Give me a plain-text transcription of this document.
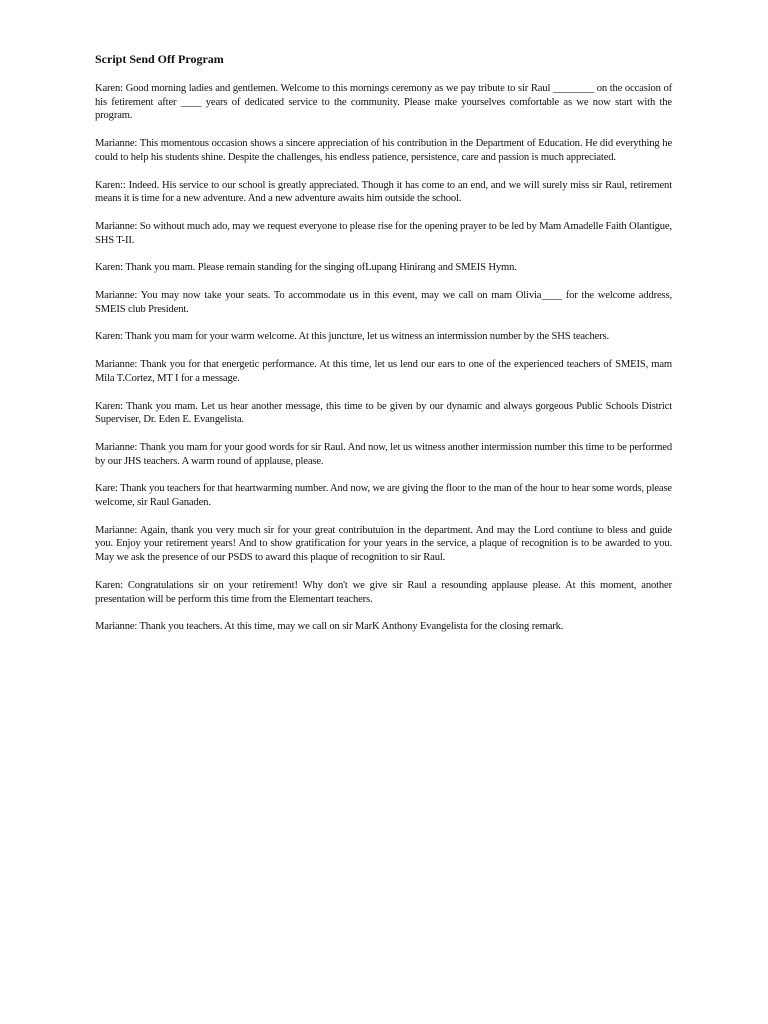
Script Send Off Program

Karen: Good morning ladies and gentlemen. Welcome to this mornings ceremony as we pay tribute to sir Raul ________ on the occasion of his fetirement after ____ years of dedicated service to the community. Please make yourselves comfortable as we now start with the program.

Marianne: This momentous occasion shows a sincere appreciation of his contribution in the Department of Education. He did everything he could to help his students shine. Despite the challenges, his endless patience, persistence, care and passion is much appreciated.

Karen:: Indeed. His service to our school is greatly appreciated. Though it has come to an end, and we will surely miss sir Raul, retirement means it is time for a new adventure. And a new adventure awaits him outside the school.

Marianne: So without much ado, may we request everyone to please rise for the opening prayer to be led by Mam Amadelle Faith Olantigue, SHS T-II.

Karen: Thank you mam. Please remain standing for the singing ofLupang Hinirang and SMEIS Hymn.

Marianne: You may now take your seats. To accommodate us in this event, may we call on mam Olivia____ for the welcome address, SMEIS club President.

Karen: Thank you mam for your warm welcome. At this juncture, let us witness an intermission number by the SHS teachers.

Marianne: Thank you for that energetic performance. At this time, let us lend our ears to one of the experienced teachers of SMEIS, mam Mila T.Cortez, MT I for a message.

Karen: Thank you mam. Let us hear another message, this time to be given by our dynamic and always gorgeous Public Schools District Superviser, Dr. Eden E. Evangelista.

Marianne: Thank you mam for your good words for sir Raul. And now, let us witness another intermission number this time to be performed by our JHS teachers. A warm round of applause, please.

Kare: Thank you teachers for that heartwarming number. And now, we are giving the floor to the man of the hour to hear some words, please welcome, sir Raul Ganaden.

Marianne: Again, thank you very much sir for your great contributuion in the department. And may the Lord contiune to bless and guide you. Enjoy your retirement years! And to show gratification for your years in the service, a plaque of recognition is to be awarded to you. May we ask the presence of our PSDS to award this plaque of recognition to sir Raul.

Karen: Congratulations sir on your retirement! Why don't we give sir Raul a resounding applause please. At this moment, another presentation will be perform this time from the Elementart teachers.

Marianne: Thank you teachers. At this time, may we call on sir MarK Anthony Evangelista for the closing remark.
